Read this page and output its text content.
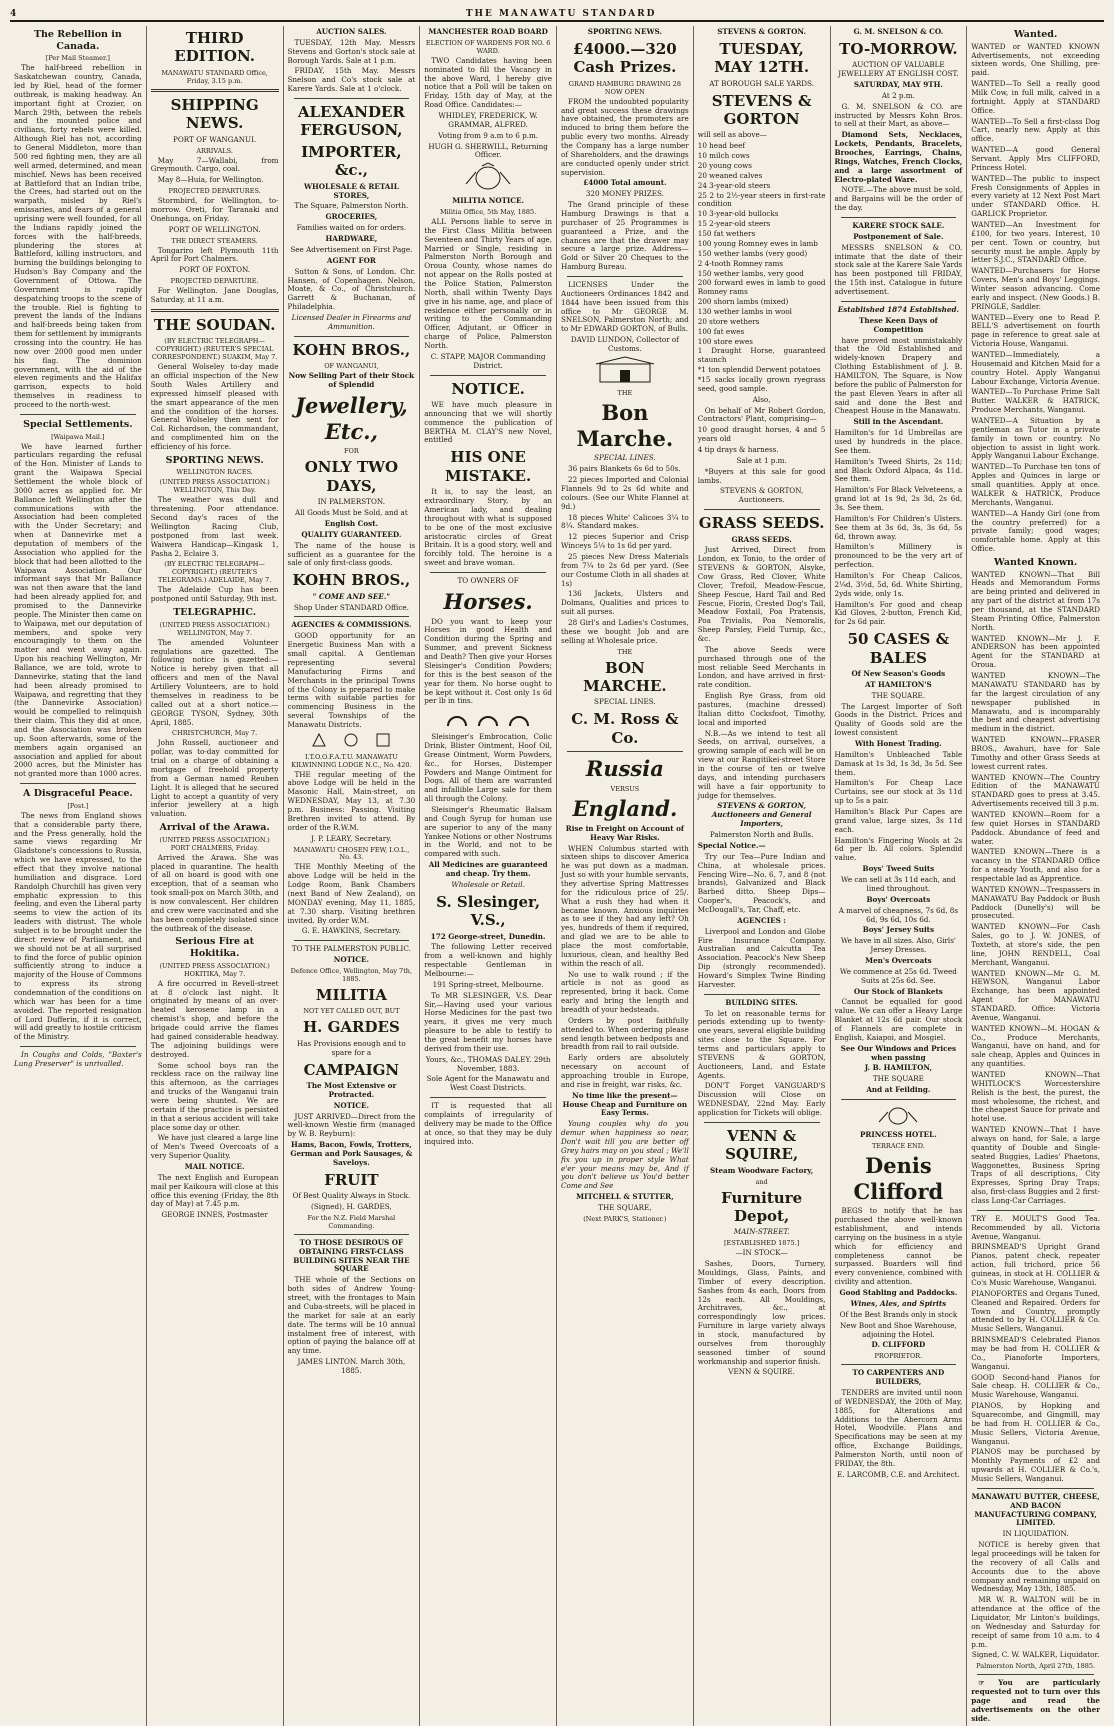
4	THE MANAWATU STANDARD
The Rebellion in Canada.
[Per Mail Steamer.]

The half-breed rebellion in Saskatchewan country, Canada, led by Riel, head of the former outbreak, is making headway. An important fight at Crozier, on March 29th, between the rebels and the mounted police and civilians, forty rebels were killed. Although Riel has not, according to General Middleton, more than 500 red fighting men, they are all well armed, determined, and mean mischief. News has been received at Battleford that an Indian tribe, the Crees, had started out on the warpath, misled by Riel's emissaries, and fears of a general uprising were well founded, for all the Indians rapidly joined the forces with the half-breeds, plundering the stores at Battleford, killing instructors, and burning the buildings belonging to Hudson's Bay Company and the Government of Ottowa. The Government is rapidly despatching troops to the scene of the trouble. Riel is fighting to prevent the lands of the Indians and half-breeds being taken from them for settlement by immigrants crossing into the country. He has now over 2000 good men under his flag. The dominion government, with the aid of the eleven regiments and the Halifax garrison, expects to hold themselves in readiness to proceed to the north-west.

Special Settlements.
[Waipawa Mail.]

We have learned further particulars regarding the refusal of the Hon. Minister of Lands to grant the Waipawa Special Settlement the whole block of 3000 acres as applied for. Mr Ballance left Wellington after the communications with the Association had been completed with the Under Secretary; and when at Dannevirke met a deputation of members of the Association who applied for the block that had been allotted to the Waipawa Association. Our informant says that Mr Ballance was not then aware that the land had been already applied for, and promised to the Dannevirke people. The Minister then came on to Waipawa, met our deputation of members, and spoke very encouragingly to them on the matter and went away again. Upon his reaching Wellington, Mr Ballance, we are told, wrote to Dannevirke, stating that the land had been already promised to Waipawa, and regretting that they (the Dannevirke Association) would be compelled to relinquish their claim. This they did at once, and the Association was broken up. Soon afterwards, some of the members again organised an association and applied for about 2000 acres, but the Minister has not granted more than 1000 acres.

A Disgraceful Peace.
[Post.]

The news from England shows that a considerable party there, and the Press generally, hold the same views regarding Mr Gladstone's concessions to Russia, which we have expressed, to the effect that they involve national humiliation and disgrace. Lord Randolph Churchill has given very emphatic expression to this feeling, and even the Liberal party seems to view the action of its leaders with distrust. The whole subject is to be brought under the direct review of Parliament, and we should not be at all surprised to find the force of public opinion sufficiently strong to induce a majority of the House of Commons to express its strong condemnation of the conditions on which war has been for a time avoided. The reported resignation of Lord Dufferin, if it is correct, will add greatly to hostile criticism of the Ministry.

In Coughs and Colds, "Baxter's Lung Preserver" is unrivalled.

THIRD EDITION.
MANAWATU STANDARD Office, Friday, 3.15 p.m.
SHIPPING NEWS.
PORT OF WANGANUI.
ARRIVALS.

May 7—Wallabi, from Greymouth. Cargo, coal.

May 8—Huia, for Wellington.

PROJECTED DEPARTURES.

Stormbird, for Wellington, to-morrow. Oreti, for Taranaki and Onehunga, on Friday.

PORT OF WELLINGTON.
THE DIRECT STEAMERS.

Tongariro left Plymouth 11th April for Port Chalmers.

PORT OF FOXTON.
PROJECTED DEPARTURE.

For Wellington. Jane Douglas, Saturday, at 11 a.m.

THE SOUDAN.
(BY ELECTRIC TELEGRAPH—COPYRIGHT.) (REUTER'S SPECIAL CORRESPONDENT.) SUAKIM, May 7.

General Wolseley to-day made an official inspection of the New South Wales Artillery and expressed himself pleased with the smart appearance of the men and the condition of the horses. General Wolseley then sent for Col. Richardson, the commandant, and complimented him on the efficiency of his force.

SPORTING NEWS.
WELLINGTON RACES.
(UNITED PRESS ASSOCIATION.) WELLINGTON, This Day.

The weather was dull and threatening. Poor attendance. Second day's races of the Wellington Racing Club, postponed from last week. Waiwera Handicap—Kingask 1, Pasha 2, Eclaire 3.

(BY ELECTRIC TELEGRAPH—COPYRIGHT.) (REUTER'S TELEGRAMS.) ADELAIDE, May 7.

The Adelaide Cup has been postponed until Saturday, 9th inst.

TELEGRAPHIC.
(UNITED PRESS ASSOCIATION.) WELLINGTON, May 7.

The amended Volunteer regulations are gazetted. The following notice is gazetted:—Notice is hereby given that all officers and men of the Naval Artillery Volunteers, are to hold themselves in readiness to be called out at a short notice.—GEORGE TYSON, Sydney, 30th April, 1885.

CHRISTCHURCH, May 7.

John Russell, auctioneer and pollar, was to-day committed for trial on a charge of obtaining a mortgage of freehold property from a German named Reuben Light. It is alleged that he secured Light to accept a quantity of very inferior jewellery at a high valuation.

Arrival of the Arawa.
(UNITED PRESS ASSOCIATION.) PORT CHALMERS, Friday.

Arrived the Arawa. She was placed in quarantine. The health of all on board is good with one exception, that of a seaman who took small-pox on March 30th, and is now convalescent. Her children and crew were vaccinated and she has been completely isolated since the outbreak of the disease.

Serious Fire at Hokitika.
(UNITED PRESS ASSOCIATION.) HOKITIKA, May 7.

A fire occurred in Revell-street at 8 o'clock last night. It originated by means of an over-heated kerosene lamp in a chemist's shop, and before the brigade could arrive the flames had gained considerable headway. The adjoining buildings were destroyed.

Some school boys ran the reckless race on the railway line this afternoon, as the carriages and trucks of the Wanganui train were being shunted. We are certain if the practice is persisted in that a serious accident will take place some day or other.

We have just cleared a large line of Men's Tweed Overcoats of a very Superior Quality.

MAIL NOTICE.

The next English and European mail per Kaikoura will close at this office this evening (Friday, the 8th day of May) at 7.45 p.m.

GEORGE INNES, Postmaster
AUCTION SALES.

TUESDAY, 12th May. Messrs Stevens and Gorton's stock sale at Borough Yards. Sale at 1 p.m.

FRIDAY, 15th May. Messrs Snelson and Co's stock sale at Karere Yards. Sale at 1 o'clock.

ALEXANDER FERGUSON,
IMPORTER, &c.,
WHOLESALE & RETAIL STORES,
The Square, Palmerston North.
GROCERIES,
Families waited on for orders.
HARDWARE,
See Advertisement on First Page.
AGENT FOR

Sutton & Sons, of London. Chr. Hansen, of Copenhagen. Nelson, Moate, & Co., of Christchurch. Garrett & Buchanan, of Philadelphia.

Licensed Dealer in Firearms and Ammunition.
KOHN BROS.,
OF WANGANUI,
Now Selling Part of their Stock of Splendid
Jewellery, Etc.,
FOR
ONLY TWO DAYS,
IN PALMERSTON.
All Goods Must be Sold, and at
English Cost.
QUALITY GUARANTEED.

The name of the house is sufficient as a guarantee for the sale of only first-class goods.

KOHN BROS.,
" COME AND SEE."
Shop Under STANDARD Office.
AGENCIES & COMMISSIONS.

GOOD opportunity for an Energetic Business Man with a small capital. A Gentleman representing several Manufacturing Firms and Merchants in the principal Towns of the Colony is prepared to make terms with suitable parties for commencing Business in the several Townships of the Manawatu Districts.

I.T.O.O.F.A.T.U. MANAWATU KILWINNING LODGE N.C., No. 420.

THE regular meeting of the above Lodge will be held in the Masonic Hall, Main-street, on WEDNESDAY, May 13, at 7.30 p.m. Business: Passing. Visiting Brethren invited to attend. By order of the R.W.M.

J. P. LEARY, Secretary.
MANAWATU CHOSEN FEW, I.O.L., No. 43.

THE Monthly Meeting of the above Lodge will be held in the Lodge Room, Bank Chambers (next Band of New Zealand), on MONDAY evening, May 11, 1885, at 7.30 sharp. Visiting brethren invited. By order W.M.

G. E. HAWKINS, Secretary.
TO THE PALMERSTON PUBLIC.
NOTICE.
Defence Office, Wellington, May 7th, 1885.
MILITIA
NOT YET CALLED OUT, BUT
H. GARDES
Has Provisions enough and to spare for a
CAMPAIGN
The Most Extensive or Protracted.
NOTICE.

JUST ARRIVED—Direct from the well-known Westie firm (managed by W. B. Reyburn):

Hams, Bacon, Fowls, Trotters, German and Pork Sausages, & Saveloys.
FRUIT
Of Best Quality Always in Stock.
(Signed), H. GARDES,
For the N.Z. Field Marshal Commanding.
TO THOSE DESIROUS OF OBTAINING FIRST-CLASS BUILDING SITES NEAR THE SQUARE

THE whole of the Sections on both sides of Andrew Young-street, with the frontages to Main and Cuba-streets, will be placed in the market for sale at an early date. The terms will be 10 annual instalment free of interest, with option of paying the balance off at any time.

JAMES LINTON. March 30th, 1885.
MANCHESTER ROAD BOARD
ELECTION OF WARDENS FOR NO. 6 WARD.

TWO Candidates having been nominated to fill the Vacancy in the above Ward, I hereby give notice that a Poll will be taken on Friday, 15th day of May, at the Road Office. Candidates:—

WHIDLEY, FREDERICK, W. GRAMMAR, ALFRED.
Voting from 9 a.m to 6 p.m.
HUGH G. SHERWILL, Returning Officer.
MILITIA NOTICE.
Militia Office, 5th May, 1885.

ALL Persons liable to serve in the First Class Militia between Seventeen and Thirty Years of age, Married or Single, residing in Palmerston North Borough and Oroua County, whose names do not appear on the Rolls posted at the Police Station, Palmerston North, shall within Twenty Days give in his name, age, and place of residence either personally or in writing to the Commanding Officer, Adjutant, or Officer in charge of Police, Palmerston North.

C. STAPP, MAJOR Commanding District.
NOTICE.

WE have much pleasure in announcing that we will shortly commence the publication of BERTHA M. CLAY'S new Novel, entitled

HIS ONE MISTAKE.

It is, to say the least, an extraordinary Story, by an American lady, and dealing throughout with what is supposed to be one of the most exclusive aristocratic circles of Great Britain. It is a good story, well and forcibly told. The heroine is a sweet and brave woman.

TO OWNERS OF
Horses.

DO you want to keep your Horses in good Health and Condition during the Spring and Summer, and prevent Sickness and Death? Then give your Horses Sleisinger's Condition Powders; for this is the best season of the year for them. No horse ought to be kept without it. Cost only 1s 6d per lb in tins.

Sleisinger's Embrocation, Colic Drink, Blister Ointment, Hoof Oil, Grease Ointment, Worm Powders, &c., for Horses, Distemper Powders and Mange Ointment for Dogs. All of them are warranted and infallible Large sale for them all through the Colony.

Sleisinger's Rheumatic Balsam and Cough Syrup for human use are superior to any of the many Yankee Notions or other Nostrums in the World, and not to be compared with such.

All Medicines are guaranteed and cheap. Try them.
Wholesale or Retail.
S. Slesinger, V.S.,
172 George-street, Dunedin.

The following Letter received from a well-known and highly respectable Gentleman in Melbourne:—

191 Spring-street, Melbourne.

To MR SLESINGER, V.S. Dear Sir,—Having used your various Horse Medicines for the past two years, it gives me very much pleasure to be able to testify to the great benefit my horses have derived from their use.

Yours, &c., THOMAS DALEY. 29th November, 1883.
Sole Agent for the Manawatu and West Coast Districts.

IT is requested that all complaints of irregularity of delivery may be made to the Office at once, so that they may be duly inquired into.

SPORTING NEWS.
£4000.—320 Cash Prizes.
GRAND HAMBURG DRAWING 28 NOW OPEN

FROM the undoubted popularity and great success these drawings have obtained, the promoters are induced to bring them before the public every two months. Already the Company has a large number of Shareholders, and the drawings are conducted openly under strict supervision.

£4000 Total amount.
320 MONEY PRIZES.

The Grand principle of these Hamburg Drawings is that a purchaser of 25 Programmes is guaranteed a Prize, and the chances are that the drawer may secure a large prize. Address—Gold or Silver 20 Cheques to the Hamburg Bureau.

LICENSES Under the Auctioneers Ordinances 1842 and 1844 have been issued from this office to Mr GEORGE M. SNELSON, Palmerston North; and to Mr EDWARD GORTON, of Bulls.

DAVID LUNDON, Collector of Customs.
THE
Bon Marche.
SPECIAL LINES.

36 pairs Blankets 6s 6d to 50s.

22 pieces Imported and Colonial Flannels 9d to 2s 6d white and colours. (See our White Flannel at 9d.)

18 pieces White' Calicoes 3¼ to 8¼. Standard makes.

12 pieces Superior and Crisp Winceys 5¼ to 1s 6d per yard.

25 pieces New Dress Materials from 7¼ to 2s 6d per yard. (See our Costume Cloth in all shades at 1s)

136 Jackets, Ulsters and Dolmans, Qualities and prices to suit all purses.

28 Girl's and Ladies's Costumes, these we bought Job and are selling at Wholesale price.

THE
BON MARCHE.
SPECIAL LINES.
C. M. Ross & Co.
Russia
VERSUS
England.
Rise in Freight on Account of Heavy War Risks.

WHEN Columbus started with sixteen ships to discover America he was put down as a madman. Just so with your humble servants, they advertise Spring Mattresses for the ridiculous price of 25/. What a rush they had when it became known. Anxious inquiries as to see if they had any left? Oh yes, hundreds of them if required, and glad we are to be able to place the most comfortable, luxurious, clean, and healthy Bed within the reach of all.

No use to walk round ; if the article is not as good as represented, bring it back. Come early and bring the length and breadth of your bedsteads.

Orders by post faithfully attended to. When ordering please send length between bedposts and breadth from rail to rail outside.

Early orders are absolutely necessary on account of approaching trouble in Europe, and rise in freight, war risks, &c.

No time like the present—House Cheap and Furniture on Easy Terms.

Young couples why do you demur when happiness so near, Don't wait till you are better off Grey hairs may on you steal ; We'll fix you up in proper style What e'er your means may be, And if you don't believe us You'd better Come and See

MITCHELL & STUTTER,
THE SQUARE,
(Next PARK'S, Stationer.)
STEVENS & GORTON.
TUESDAY, MAY 12TH.
AT BOROUGH SALE YARDS.
STEVENS & GORTON
will sell as above—
10 head beef
10 milch cows
20 young cows
20 weaned calves
24 3-year-old steers
25 2 to 2½-year steers in first-rate condition
10 3-year-old bullocks
15 2-year-old steers
150 fat wethers
100 young Romney ewes in lamb
150 wether lambs (very good)
2 4-tooth Romney rams
150 wether lambs, very good
200 forward ewes in lamb to good Romney rams
200 shorn lambs (mixed)
130 wether lambs in wool
20 store wethers
100 fat ewes
100 store ewes
1 Draught Horse, guaranteed staunch
*1 ton splendid Derwent potatoes
*15 sacks locally grown ryegrass seed, good sample.
Also,

On behalf of Mr Robert Gordon, Contractors' Plant, comprising—

10 good draught horses, 4 and 5 years old
4 tip drays & harness.
Sale at 1 p.m.

*Buyers at this sale for good lambs.

STEVENS & GORTON, Auctioneers.
GRASS SEEDS.
GRASS SEEDS.

Just Arrived, Direct from London, ex Tonio, to the order of STEVENS & GORTON, Alsyke, Cow Grass, Red Clover, White Clover, Trefoil, Meadow-Fescue, Sheep Fescue, Hard Tail and Red Fescue, Fiorin, Crested Dog's Tail, Meadow Foxtail, Poa Pratensis, Poa Trivialis, Poa Nemoralis, Sheep Parsley, Field Turnip, &c., &c.

The above Seeds were purchased through one of the most reliable Seed Merchants in London, and have arrived in first-rate condition.

English Rye Grass, from old pastures, (machine dressed) Italian ditto Cocksfoot, Timothy, local and imported

N.B.—As we intend to test all Seeds, on arrival, ourselves, a growing sample of each will be on view at our Rangitikei-street Store in the course of ten or twelve days, and intending purchasers will have a fair opportunity to judge for themselves.

STEVENS & GORTON, Auctioneers and General Importers,
Palmerston North and Bulls.
Special Notice.—

Try our Tea—Pure Indian and China, at wholesale prices. Fencing Wire—No. 6, 7, and 8 (not brands), Galvanized and Black Barbed ditto. Sheep Dips—Cooper's, Peacock's, and McDougall's, Tar, Chaff, etc.

AGENCIES :

Liverpool and London and Globe Fire Insurance Company. Australian and Calcutta Tea Association. Peacock's New Sheep Dip (strongly recommended). Howard's Simplex Twine Binding Harvester.

BUILDING SITES.

To let on reasonable terms for periods extending up to twenty-one years, several eligible building sites close to the Square. For terms and particulars apply to STEVENS & GORTON, Auctioneers, Land, and Estate Agents.

DON'T Forget VANGUARD'S Discussion will Close on WEDNESDAY, 22nd May. Early application for Tickets will oblige.

VENN & SQUIRE,
Steam Woodware Factory,
and
Furniture Depot,
MAIN-STREET.
[ESTABLISHED 1875.]
—IN STOCK—

Sashes, Doors, Turnery, Mouldings, Glass, Paints, and Timber of every description. Sashes from 4s each, Doors from 12s each. All Mouldings, Architraves, &c., at correspondingly low prices. Furniture in large variety always in stock, manufactured by ourselves from thoroughly seasoned timber of sound workmanship and superior finish.

VENN & SQUIRE.
G. M. SNELSON & CO.
TO-MORROW.
AUCTION OF VALUABLE JEWELLERY AT ENGLISH COST.
SATURDAY, MAY 9TH.
At 2 p.m.

G. M. SNELSON & CO. are instructed by Messrs Kohn Bros. to sell at their Mart, as above—

Diamond Sets, Necklaces, Lockets, Pendants, Bracelets, Brooches, Earrings, Chains, Rings, Watches, French Clocks, and a large assortment of Electro-plated Ware.

NOTE.—The above must be sold, and Bargains will be the order of the day.

KARERE STOCK SALE.
Postponement of Sale.

MESSRS SNELSON & CO. intimate that the date of their stock sale at the Karere Sale Yards has been postponed till FRIDAY, the 15th inst. Catalogue in future advertisement.

Established 1874 Established.
These Keen Days of Competition

have proved most unmistakably that the Old Established and widely-known Drapery and Clothing Establishment of J. B. HAMILTON, The Square, is Now before the public of Palmerston for the past Eleven Years in after all said and done the Best and Cheapest House in the Manawatu.

Still in the Ascendant.
Hamilton's for 1d Umbrellas are used by hundreds in the place. See them.
Hamilton's Tweed Shirts, 2s 11d; and Black Oxford Alpaca, 4s 11d. See them.
Hamilton's For Black Velveteens, a grand lot at 1s 9d, 2s 3d, 2s 6d, 3s. See them.
Hamilton's For Children's Ulsters. See them at 3s 6d, 3s, 3s 6d, 5s 6d, thrown away.
Hamilton's Millinery is pronounced to be the very art of perfection.
Hamilton's For Cheap Calicos, 2¼d, 3½d, 5d, 6d. White Shirting, 2yds wide, only 1s.
Hamilton's For good and cheap Kid Gloves, 2-button, French Kid, for 2s 6d pair.
50 CASES & BALES
Of New Season's Goods
AT HAMILTON'S
THE SQUARE.

The Largest Importer of Soft Goods in the District. Prices and Quality of Goods sold are the lowest consistent

With Honest Trading.
Hamilton's Unbleached Table Damask at 1s 3d, 1s 3d, 3s 5d. See them.
Hamilton's For Cheap Lace Curtains, see our stock at 3s 11d up to 5s a pair.
Hamilton's Black Pur Capes are grand value, large sizes, 3s 11d each.
Hamilton's Fingering Wools at 2s 6d per lb. All colors. Splendid value.
Boys' Tweed Suits
We can sell at 3s 11d each, and lined throughout.
Boys' Overcoats
A marvel of cheapness, 7s 6d, 8s 6d, 9s 6d, 10s 6d.
Boys' Jersey Suits
We have in all sizes. Also, Girls' Jersey Dresses.
Men's Overcoats
We commence at 25s 6d. Tweed Suits at 25s 6d. See.
Our Stock of Blankets

Cannot be equalled for good value. We can offer a Heavy Large Blanket at 12s 6d pair. Our stock of Flannels are complete in English, Kaiapoi, and Mosgiel.

See Our Windows and Prices when passing
J. B. HAMILTON,
THE SQUARE
And at Feilding.
PRINCESS HOTEL.
TERRACE END.
Denis Clifford

BEGS to notify that he has purchased the above well-known establishment, and intends carrying on the business in a style which for efficiency and completeness cannot be surpassed. Boarders will find every convenience, combined with civility and attention.

Good Stabling and Paddocks.
Wines, Ales, and Spirits
Of the Best Brands only in stock
New Boot and Shoe Warehouse, adjoining the Hotel.
D. CLIFFORD
PROPRIETOR.
TO CARPENTERS AND BUILDERS,

TENDERS are invited until noon of WEDNESDAY, the 20th of May, 1885, for Alterations and Additions to the Abercorn Arms Hotel, Woodville. Plans and Specifications may be seen at my office, Exchange Buildings, Palmerston North, until noon of FRIDAY, the 8th.

E. LARCOMB, C.E. and Architect.
Wanted.
WANTED or WANTED KNOWN Advertisements, not exceeding sixteen words, One Shilling, pre-paid.
WANTED—To Sell a really good Milk Cow, in full milk, calved in a fortnight. Apply at STANDARD Office.
WANTED—To Sell a first-class Dog Cart, nearly new. Apply at this office.
WANTED—A good General Servant. Apply Mrs CLIFFORD, Princess Hotel.
WANTED—The public to inspect Fresh Consignments of Apples in every variety at 12 Next Post Mart under STANDARD Office. H. GARLICK Proprietor.
WANTED—An Investment for £100, for two years. Interest, 10 per cent. Town or country, but security must be ample. Apply by letter S.J.C., STANDARD Office.
WANTED—Purchasers for Horse Covers, Men's and Boys' Leggings. Winter season advancing. Come early and inspect. (New Goods.) B. PRINGLE, Saddler.
WANTED—Every one to Read P. BELL'S advertisement on fourth page in reference to great sale at Victoria House, Wanganui.
WANTED—Immediately, a Housemaid and Kitchen Maid for a country Hotel. Apply Wanganui Labour Exchange, Victoria Avenue.
WANTED—To Purchase Prime Salt Butter. WALKER & HATRICK, Produce Merchants, Wanganui.
WANTED—A Situation by a gentleman as Tutor in a private family in town or country. No objection to assist in light work. Apply Wanganui Labour Exchange.
WANTED—To Purchase ten tons of Apples and Quinces in large or small quantities. Apply at once. WALKER & HATRICK, Produce Merchants, Wanganui.
WANTED—A Handy Girl (one from the country preferred) for a private family; good wages; comfortable home. Apply at this Office.
Wanted Known.
WANTED KNOWN—That Bill Heads and Memorandum Forms are being printed and delivered in any part of the district at from 17s per thousand, at the STANDARD Steam Printing Office, Palmerston North.
WANTED KNOWN—Mr J. F. ANDERSON has been appointed Agent for the STANDARD at Oroua.
WANTED KNOWN—The MANAWATU STANDARD has by far the largest circulation of any newspaper published in Manawatu, and is incomparably the best and cheapest advertising medium in the district.
WANTED KNOWN—FRASER BROS., Awahuri, have for Sale Timothy and other Grass Seeds at lowest current rates.
WANTED KNOWN—The Country Edition of the MANAWATU STANDARD goes to press at 3.45. Advertisements received till 3 p.m.
WANTED KNOWN—Room for a few quiet Horses in STANDARD Paddock. Abundance of feed and water.
WANTED KNOWN—There is a vacancy in the STANDARD Office for a steady Youth, and also for a respectable lad as Apprentice.
WANTED KNOWN—Trespassers in MANAWATU Bay Paddock or Bush Paddock (Dunelly's) will be prosecuted.
WANTED KNOWN—For Cash Sales, go to J. W. JONES, of Toxteth, at store's side, the pen line, JOHN RENDELL, Coal Merchant, Wanganui.
WANTED KNOWN—Mr G. M. HEWSON, Wanganui Labor Exchange, has been appointed Agent for MANAWATU STANDARD. Office: Victoria Avenue, Wanganui.
WANTED KNOWN—M. HOGAN & Co., Produce Merchants, Wanganui, have on hand, and for sale cheap, Apples and Quinces in any quantities.
WANTED KNOWN—That WHITLOCK'S Worcestershire Relish is the best, the purest, the most wholesome, the richest, and the cheapest Sauce for private and hotel use.
WANTED KNOWN—That I have always on hand, for Sale, a large quantity of Double and Single-seated Buggies, Ladies' Phaetons, Waggonettes, Business Spring Traps of all descriptions, City Expresses, Spring Dray Traps; also, first-class Buggies and 2 first-class Long-Car Carriages.
TRY E. MOULT'S Good Tea. Recommended by all. Victoria Avenue, Wanganui.
BRINSMEAD'S Upright Grand Pianos, patent check, repeater action, full trichord, price 56 guineas, in stock at H. COLLIER & Co's Music Warehouse, Wanganui.
PIANOFORTES and Organs Tuned, Cleaned and Repaired. Orders for Town and Country, promptly attended to by H. COLLIER & Co. Music Sellers, Wanganui.
BRINSMEAD'S Celebrated Pianos may be had from H. COLLIER & Co., Pianoforte Importers, Wanganui.
GOOD Second-hand Pianos for Sale cheap. H. COLLIER & Co., Music Warehouse, Wanganui.
PIANOS, by Hopking and Squarecombe, and Gingmill, may be had from H. COLLIER & Co., Music Sellers, Victoria Avenue, Wanganui.
PIANOS may be purchased by Monthly Payments of £2 and upwards at H. COLLIER & Co.'s, Music Sellers, Wanganui.
MANAWATU BUTTER, CHEESE, AND BACON MANUFACTURING COMPANY, LIMITED.
IN LIQUIDATION.

NOTICE is hereby given that legal proceedings will be taken for the recovery of all Calls and Accounts due to the above company and remaining unpaid on Wednesday, May 13th, 1885.

MR W. R. WALTON will be in attendance at the office of the Liquidator, Mr Linton's buildings, on Wednesday and Saturday for receipt of same from 10 a.m. to 4 p.m.

Signed, C. W. WALKER, Liquidator.
Palmerston North, April 27th, 1885.

☞ You are particularly requested not to turn over this page and read the advertisements on the other side.
